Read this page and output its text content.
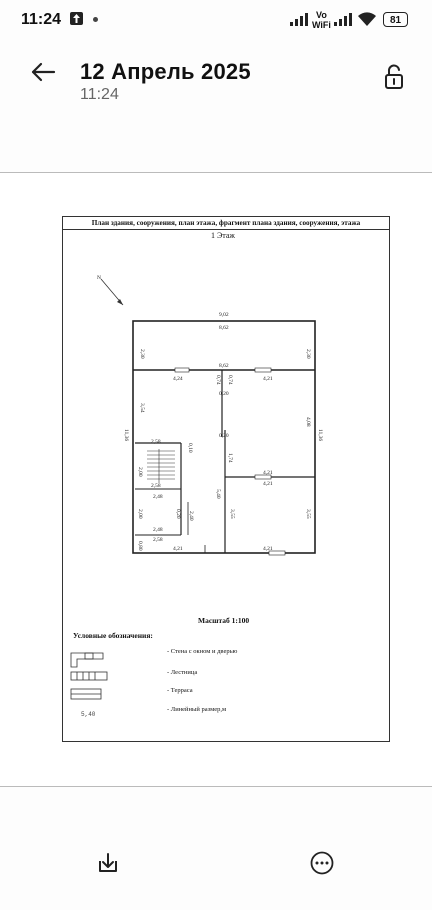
11:24	Vo
WiFi	81
12 Апрель 2025
11:24
План здания, сооружения, план этажа, фрагмент плана здания, сооружения, этажа
1 Этаж
N
9,02
8,62
2,30	2,30
8,62
11,36	11,36
4,24	4,21
0,74 0,74
0,20
3,54
4,08
0,20
2,58
2,58
0,10
2,00
1,74
4,21
4,21
2,48
2,48
2,00	0,20 2,40
5,40
3,55	3,55
2,58
0,80	4,21	4,21
Масштаб 1:100
Условные обозначения:
- Стена с окном и дверью
- Лестница
- Терраса
- Линейный размер,м
5,40
